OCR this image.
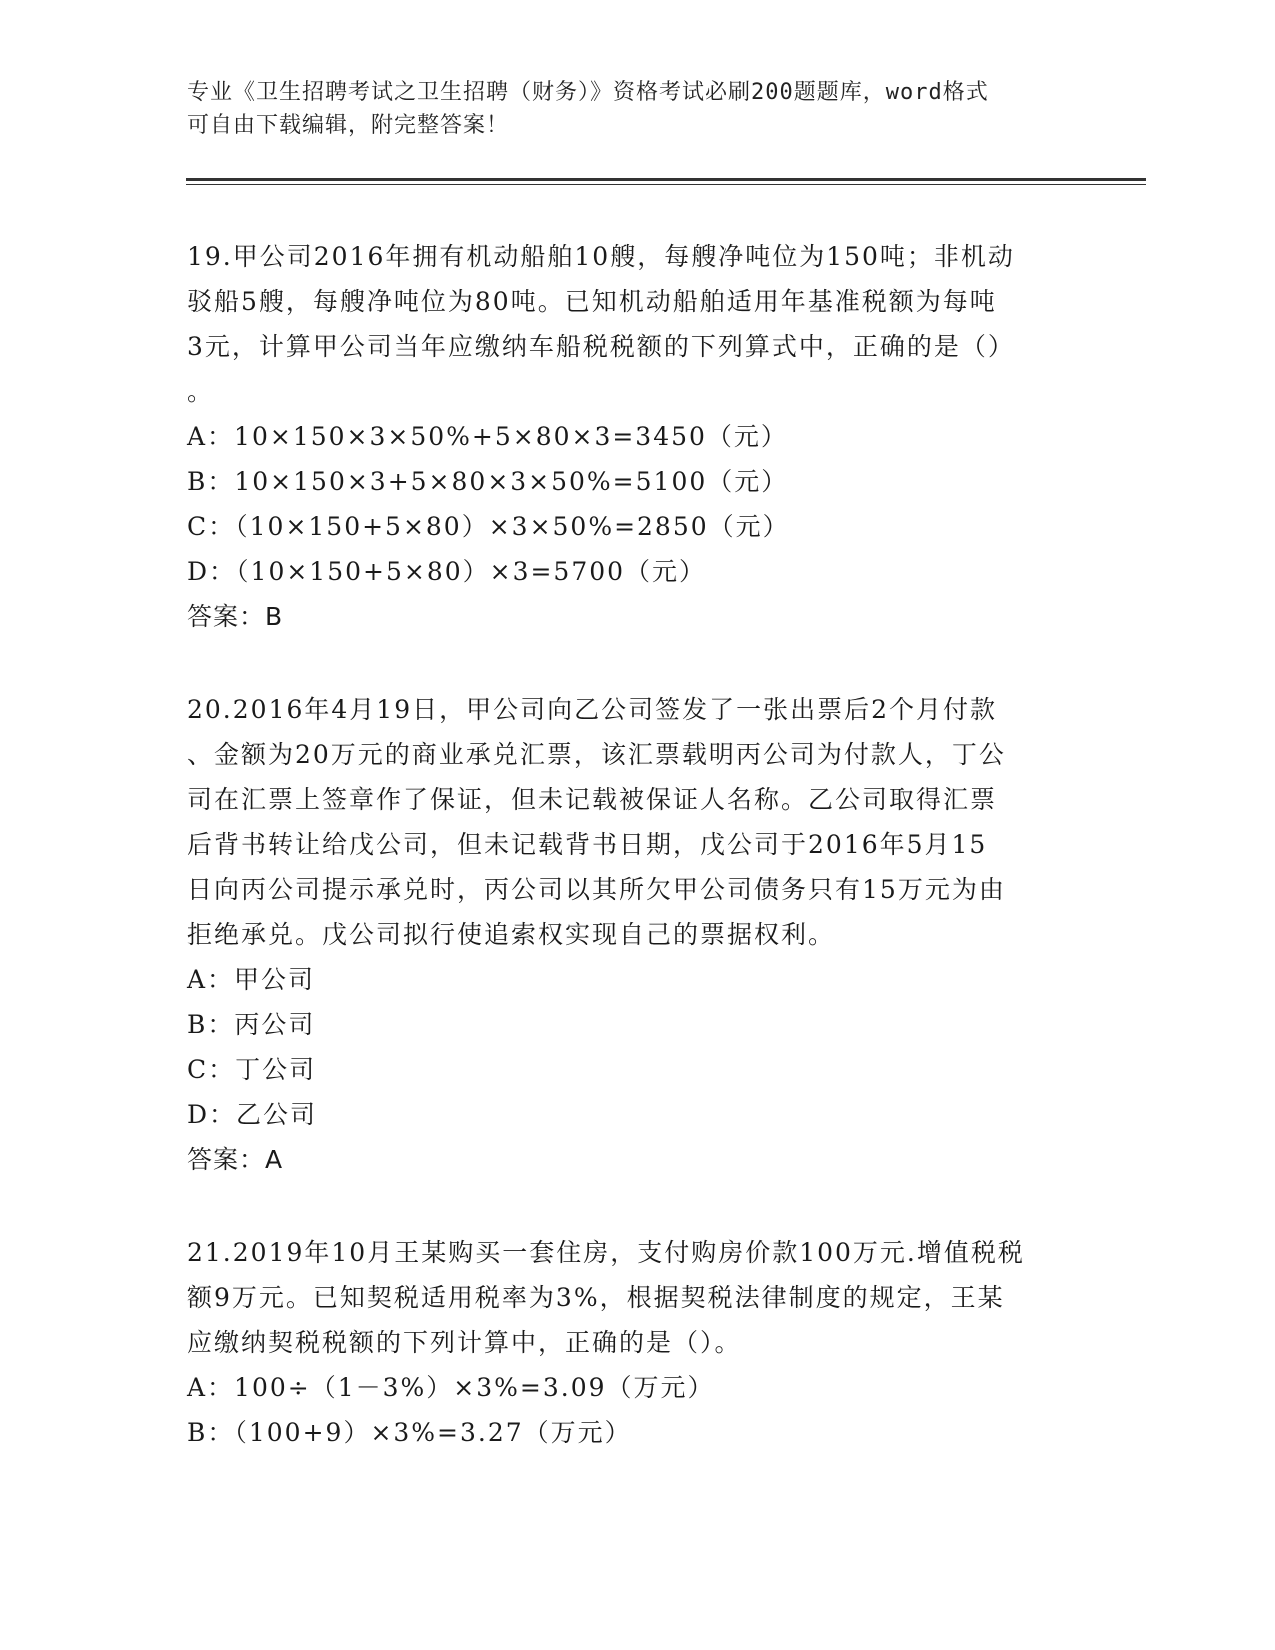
专业《卫生招聘考试之卫生招聘（财务）》资格考试必刷200题题库，word格式
可自由下载编辑，附完整答案！

19.甲公司2016年拥有机动船舶10艘，每艘净吨位为150吨；非机动

驳船5艘，每艘净吨位为80吨。已知机动船舶适用年基准税额为每吨

3元，计算甲公司当年应缴纳车船税税额的下列算式中，正确的是（）

。

A：10×150×3×50%+5×80×3=3450（元）

B：10×150×3+5×80×3×50%=5100（元）

C：（10×150+5×80）×3×50%=2850（元）

D：（10×150+5×80）×3=5700（元）

答案：B

20.2016年4月19日，甲公司向乙公司签发了一张出票后2个月付款

、金额为20万元的商业承兑汇票，该汇票载明丙公司为付款人，丁公

司在汇票上签章作了保证，但未记载被保证人名称。乙公司取得汇票

后背书转让给戊公司，但未记载背书日期，戊公司于2016年5月15

日向丙公司提示承兑时，丙公司以其所欠甲公司债务只有15万元为由

拒绝承兑。戊公司拟行使追索权实现自己的票据权利。

A：甲公司

B：丙公司

C：丁公司

D：乙公司

答案：A

21.2019年10月王某购买一套住房，支付购房价款100万元.增值税税

额9万元。已知契税适用税率为3%，根据契税法律制度的规定，王某

应缴纳契税税额的下列计算中，正确的是（）。

A：100÷（1－3%）×3%=3.09（万元）

B：（100+9）×3%=3.27（万元）
